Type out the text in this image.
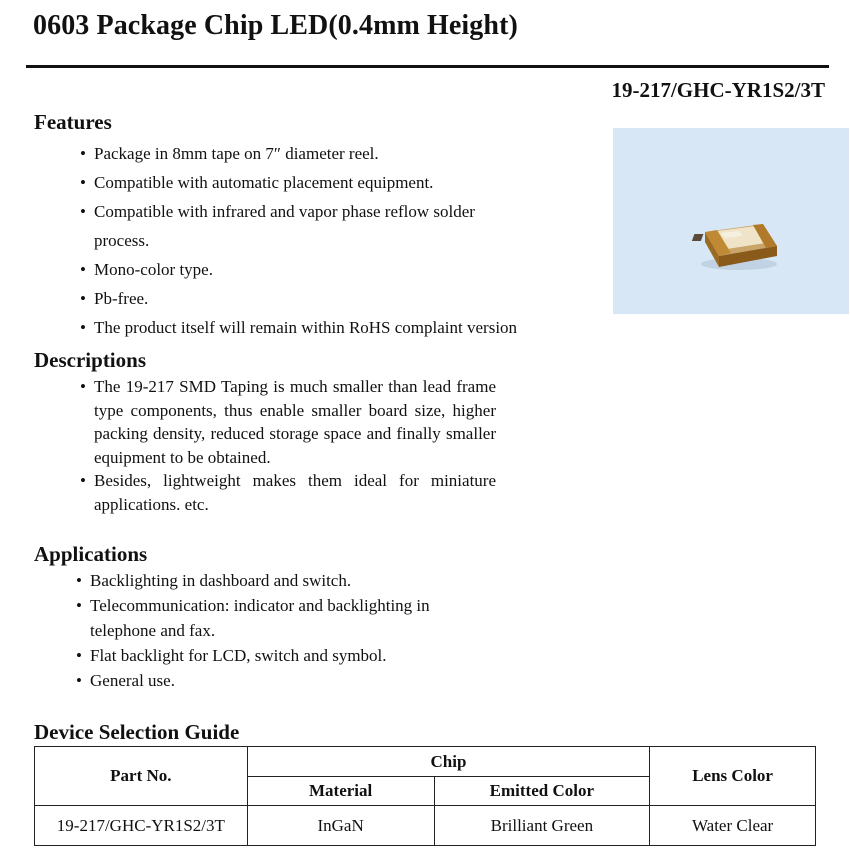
0603 Package Chip LED(0.4mm Height)
19-217/GHC-YR1S2/3T
Features
• Package in 8mm tape on 7″ diameter reel.
• Compatible with automatic placement equipment.
• Compatible with infrared and vapor phase reflow solder process.
• Mono-color type.
• Pb-free.
• The product itself will remain within RoHS complaint version
Descriptions
• The 19-217 SMD Taping is much smaller than lead frame type components, thus enable smaller board size, higher packing density, reduced storage space and finally smaller equipment to be obtained.
• Besides, lightweight makes them ideal for miniature applications. etc.
Applications
• Backlighting in dashboard and switch.
• Telecommunication: indicator and backlighting in telephone and fax.
• Flat backlight for LCD, switch and symbol.
• General use.
Device Selection Guide
Part No.	Chip		Lens Color
	Material	Emitted Color	
19-217/GHC-YR1S2/3T	InGaN	Brilliant Green	Water Clear
